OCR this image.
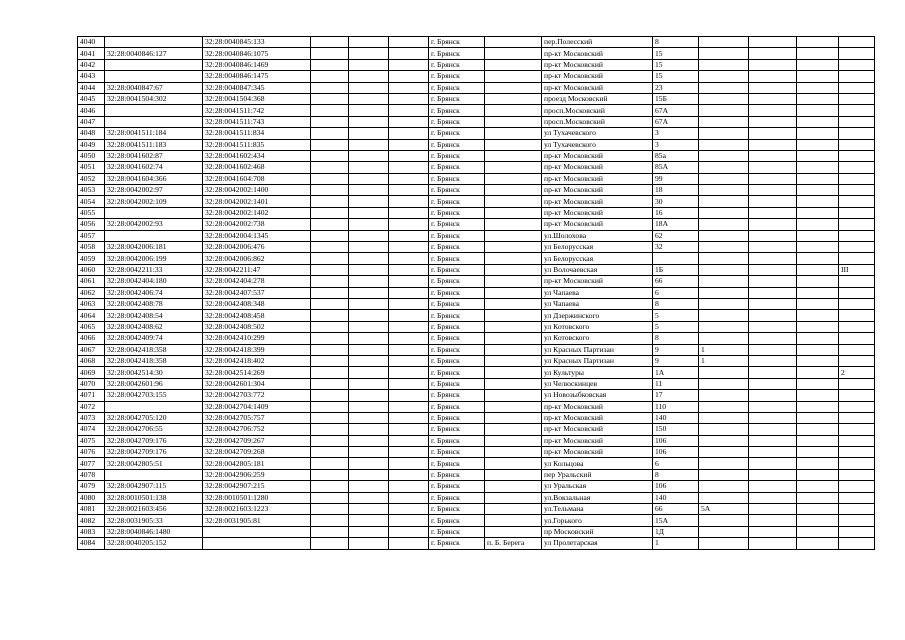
4040		32:28:0040845:133				г. Брянск		пер.Полесский	8				
4041	32:28:0040846:127	32:28:0040846:1075				г. Брянск		пр-кт Московский	15				
4042		32:28:0040846:1469				г. Брянск		пр-кт Московский	15				
4043		32:28:0040846:1475				г. Брянск		пр-кт Московский	15				
4044	32:28:0040847:67	32:28:0040847:345				г. Брянск		пр-кт Московский	23				
4045	32:28:0041504:302	32:28:0041504:368				г. Брянск		проезд Московский	15Б				
4046		32:28:0041511:742				г. Брянск		просп.Московский	67А				
4047		32:28:0041511:743				г. Брянск		просп.Московский	67А				
4048	32:28:0041511:184	32:28:0041511:834				г. Брянск		ул Тухачевского	3				
4049	32:28:0041511:183	32:28:0041511:835				г. Брянск		ул Тухачевского	3				
4050	32:28:0041602:87	32:28:0041602:434				г. Брянск		пр-кт Московский	85а				
4051	32:28:0041602:74	32:28:0041602:468				г. Брянск		пр-кт Московский	85А				
4052	32:28:0041604:366	32:28:0041604:708				г. Брянск		пр-кт Московский	99				
4053	32:28:0042002:97	32:28:0042002:1400				г. Брянск		пр-кт Московский	18				
4054	32:28:0042002:109	32:28:0042002:1401				г. Брянск		пр-кт Московский	30				
4055		32:28:0042002:1402				г. Брянск		пр-кт Московский	16				
4056	32:28:0042002:93	32:28:0042002:738				г. Брянск		пр-кт Московский	18А				
4057		32:28:0042004:1345				г. Брянск		ул.Шолохова	62				
4058	32:28:0042006:181	32:28:0042006:476				г. Брянск		ул Белорусская	32				
4059	32:28:0042006:199	32:28:0042006:862				г. Брянск		ул Белорусская					
4060	32:28:0042211:33	32:28:0042211:47				г. Брянск		ул Волочаевская	1Б				III
4061	32:28:0042404:180	32:28:0042404:278				г. Брянск		пр-кт Московский	66				
4062	32:28:0042406:74	32:28:0042407:537				г. Брянск		ул Чапаева	6				
4063	32:28:0042408:78	32:28:0042408:348				г. Брянск		ул Чапаева	8				
4064	32:28:0042408:54	32:28:0042408:458				г. Брянск		ул Дзержинского	5				
4065	32:28:0042408:62	32:28:0042408:502				г. Брянск		ул Котовского	5				
4066	32:28:0042409:74	32:28:0042410:299				г. Брянск		ул Котовского	8				
4067	32:28:0042418:358	32:28:0042418:399				г. Брянск		ул Красных Партизан	9	1			
4068	32:28:0042418:358	32:28:0042418:402				г. Брянск		ул Красных Партизан	9	1			
4069	32:28:0042514:30	32:28:0042514:269				г. Брянск		ул Культуры	1А				2
4070	32:28:0042601:96	32:28:0042601:304				г. Брянск		ул Челюскинцев	11				
4071	32:28:0042703:155	32:28:0042703:772				г. Брянск		ул Новозыбковская	17				
4072		32:28:0042704:1409				г. Брянск		пр-кт Московский	110				
4073	32:28:0042705:120	32:28:0042705:757				г. Брянск		пр-кт Московский	140				
4074	32:28:0042706:55	32:28:0042706:752				г. Брянск		пр-кт Московский	150				
4075	32:28:0042709:176	32:28:0042709:267				г. Брянск		пр-кт Московский	106				
4076	32:28:0042709:176	32:28:0042709:268				г. Брянск		пр-кт Московский	106				
4077	32:28:0042805:51	32:28:0042805:181				г. Брянск		ул Кольцова	6				
4078		32:28:0042906:259				г. Брянск		пер Уральский	8				
4079	32:28:0042907:115	32:28:0042907:215				г. Брянск		ул Уральская	106				
4080	32:28:0010501:138	32:28:0010501:1280				г. Брянск		ул.Вокзальная	140				
4081	32:28:0021603:456	32:28:0021603:1223				г. Брянск		ул.Тельмана	66	5А			
4082	32:28:0031905:33	32:28:0031905:81				г. Брянск		ул.Горького	15А				
4083	32:28:0040846:1480					г. Брянск		пр Московский	1Д				
4084	32:28:0040205:152					г. Брянск	п. Б. Берега	ул Пролетарская	1				
